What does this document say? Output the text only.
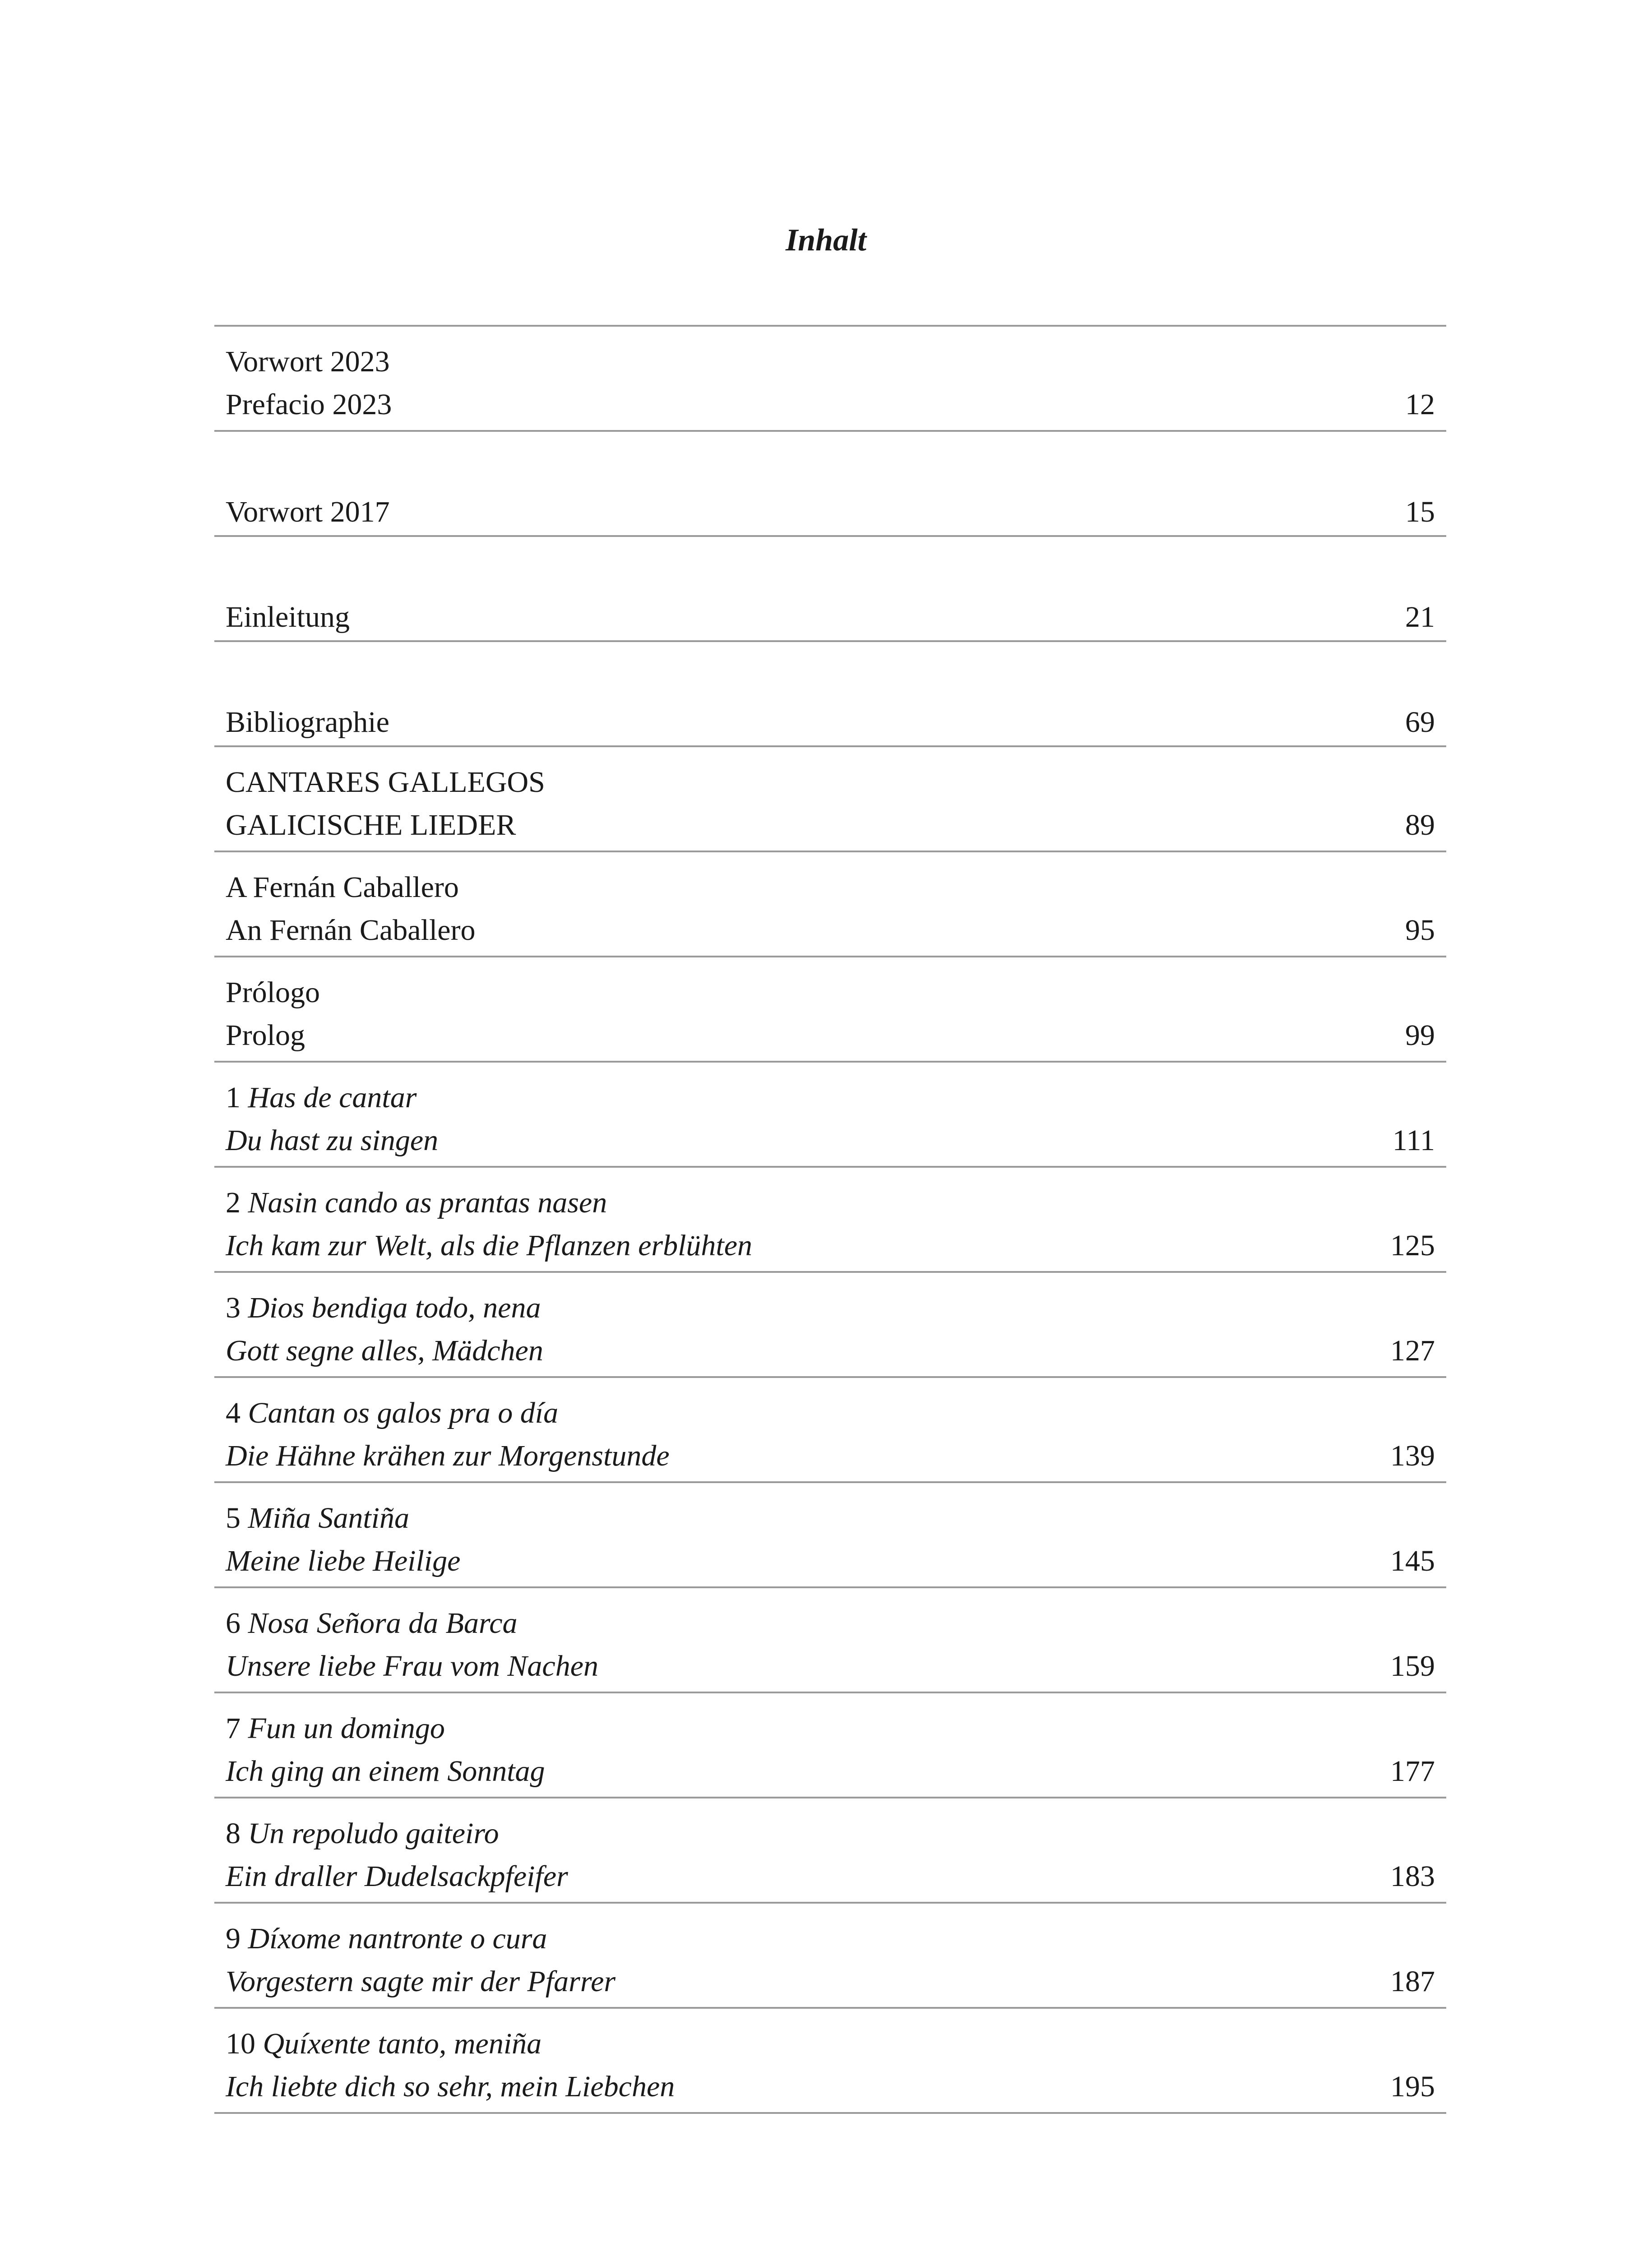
Inhalt
Vorwort 2023
Prefacio 2023	12
Vorwort 2017	15
Einleitung	21
Bibliographie	69
CANTARES GALLEGOS
GALICISCHE LIEDER	89
A Fernán Caballero
An Fernán Caballero	95
Prólogo
Prolog	99
1 Has de cantar
Du hast zu singen	111
2 Nasin cando as prantas nasen
Ich kam zur Welt, als die Pflanzen erblühten	125
3 Dios bendiga todo, nena
Gott segne alles, Mädchen	127
4 Cantan os galos pra o día
Die Hähne krähen zur Morgenstunde	139
5 Miña Santiña
Meine liebe Heilige	145
6 Nosa Señora da Barca
Unsere liebe Frau vom Nachen	159
7 Fun un domingo
Ich ging an einem Sonntag	177
8 Un repoludo gaiteiro
Ein draller Dudelsackpfeifer	183
9 Díxome nantronte o cura
Vorgestern sagte mir der Pfarrer	187
10 Quíxente tanto, meniña
Ich liebte dich so sehr, mein Liebchen	195
